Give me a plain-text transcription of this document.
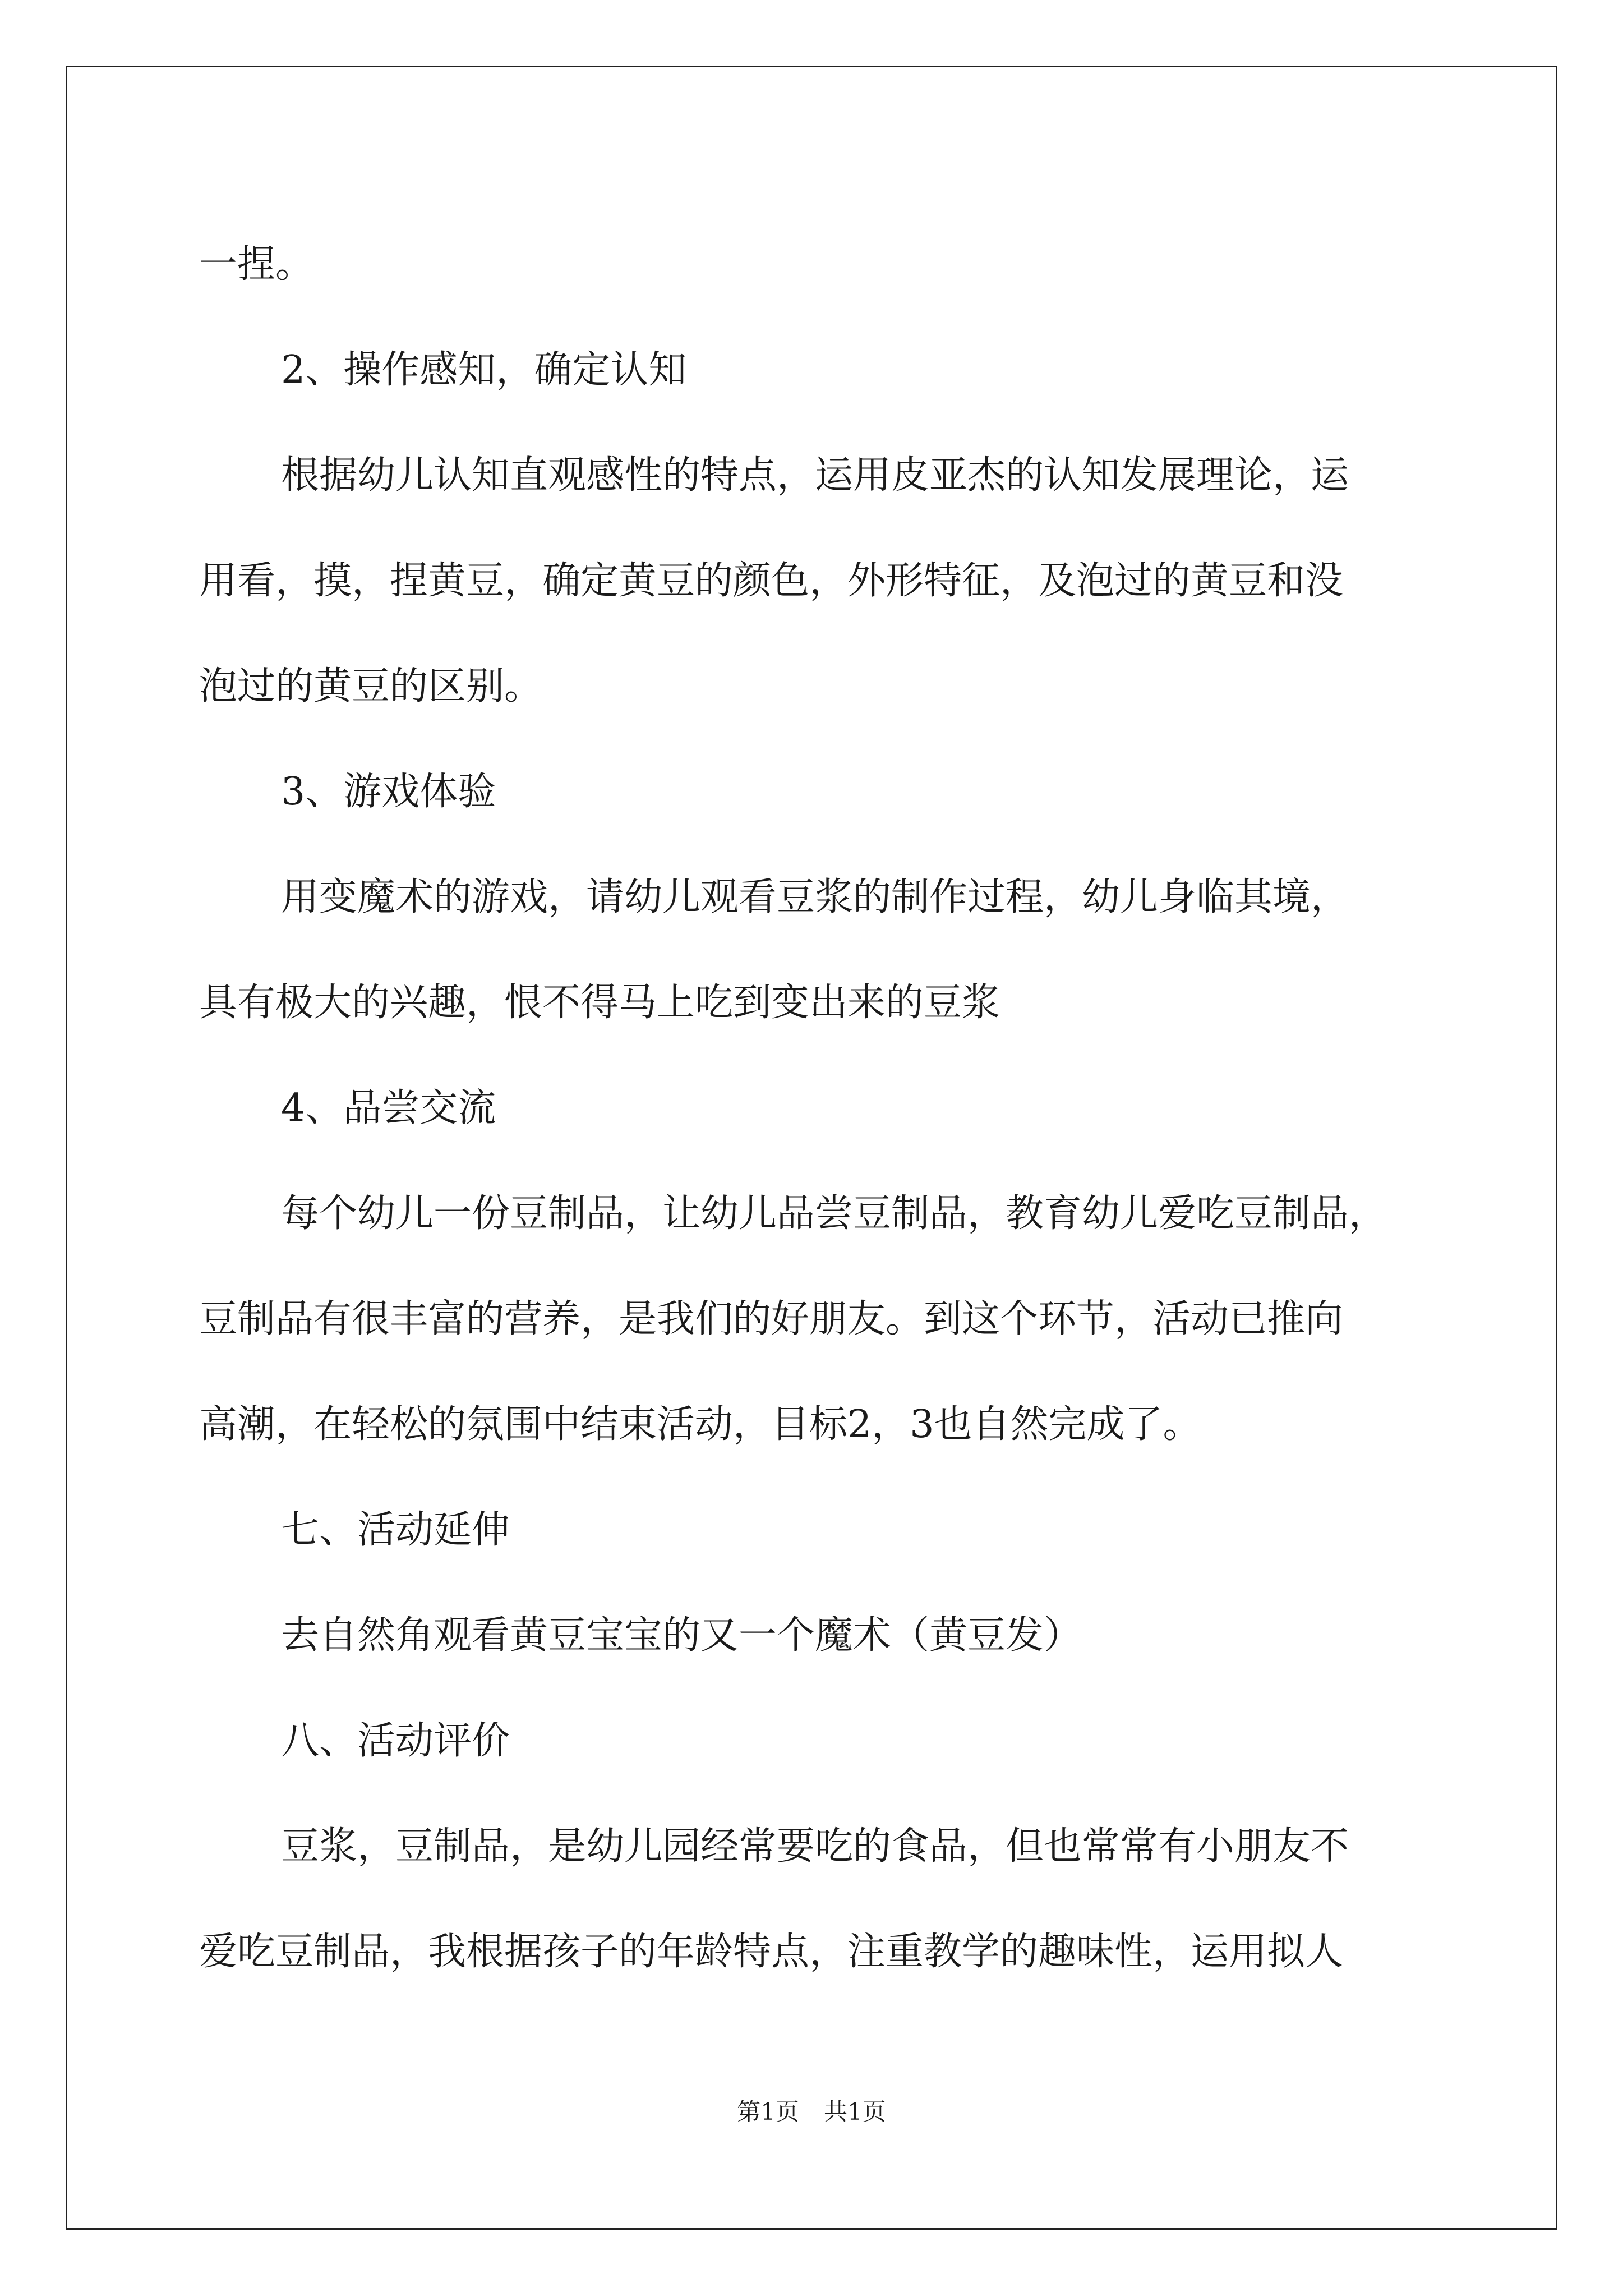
一捏。

2、操作感知，确定认知

根据幼儿认知直观感性的特点，运用皮亚杰的认知发展理论，运

用看，摸，捏黄豆，确定黄豆的颜色，外形特征，及泡过的黄豆和没

泡过的黄豆的区别。

3、游戏体验

用变魔术的游戏，请幼儿观看豆浆的制作过程，幼儿身临其境，

具有极大的兴趣，恨不得马上吃到变出来的豆浆

4、品尝交流

每个幼儿一份豆制品，让幼儿品尝豆制品，教育幼儿爱吃豆制品，

豆制品有很丰富的营养，是我们的好朋友。到这个环节，活动已推向

高潮，在轻松的氛围中结束活动，目标2，3也自然完成了。

七、活动延伸

去自然角观看黄豆宝宝的又一个魔术（黄豆发）

八、活动评价

豆浆，豆制品，是幼儿园经常要吃的食品，但也常常有小朋友不

爱吃豆制品，我根据孩子的年龄特点，注重教学的趣味性，运用拟人

第1页 共1页
